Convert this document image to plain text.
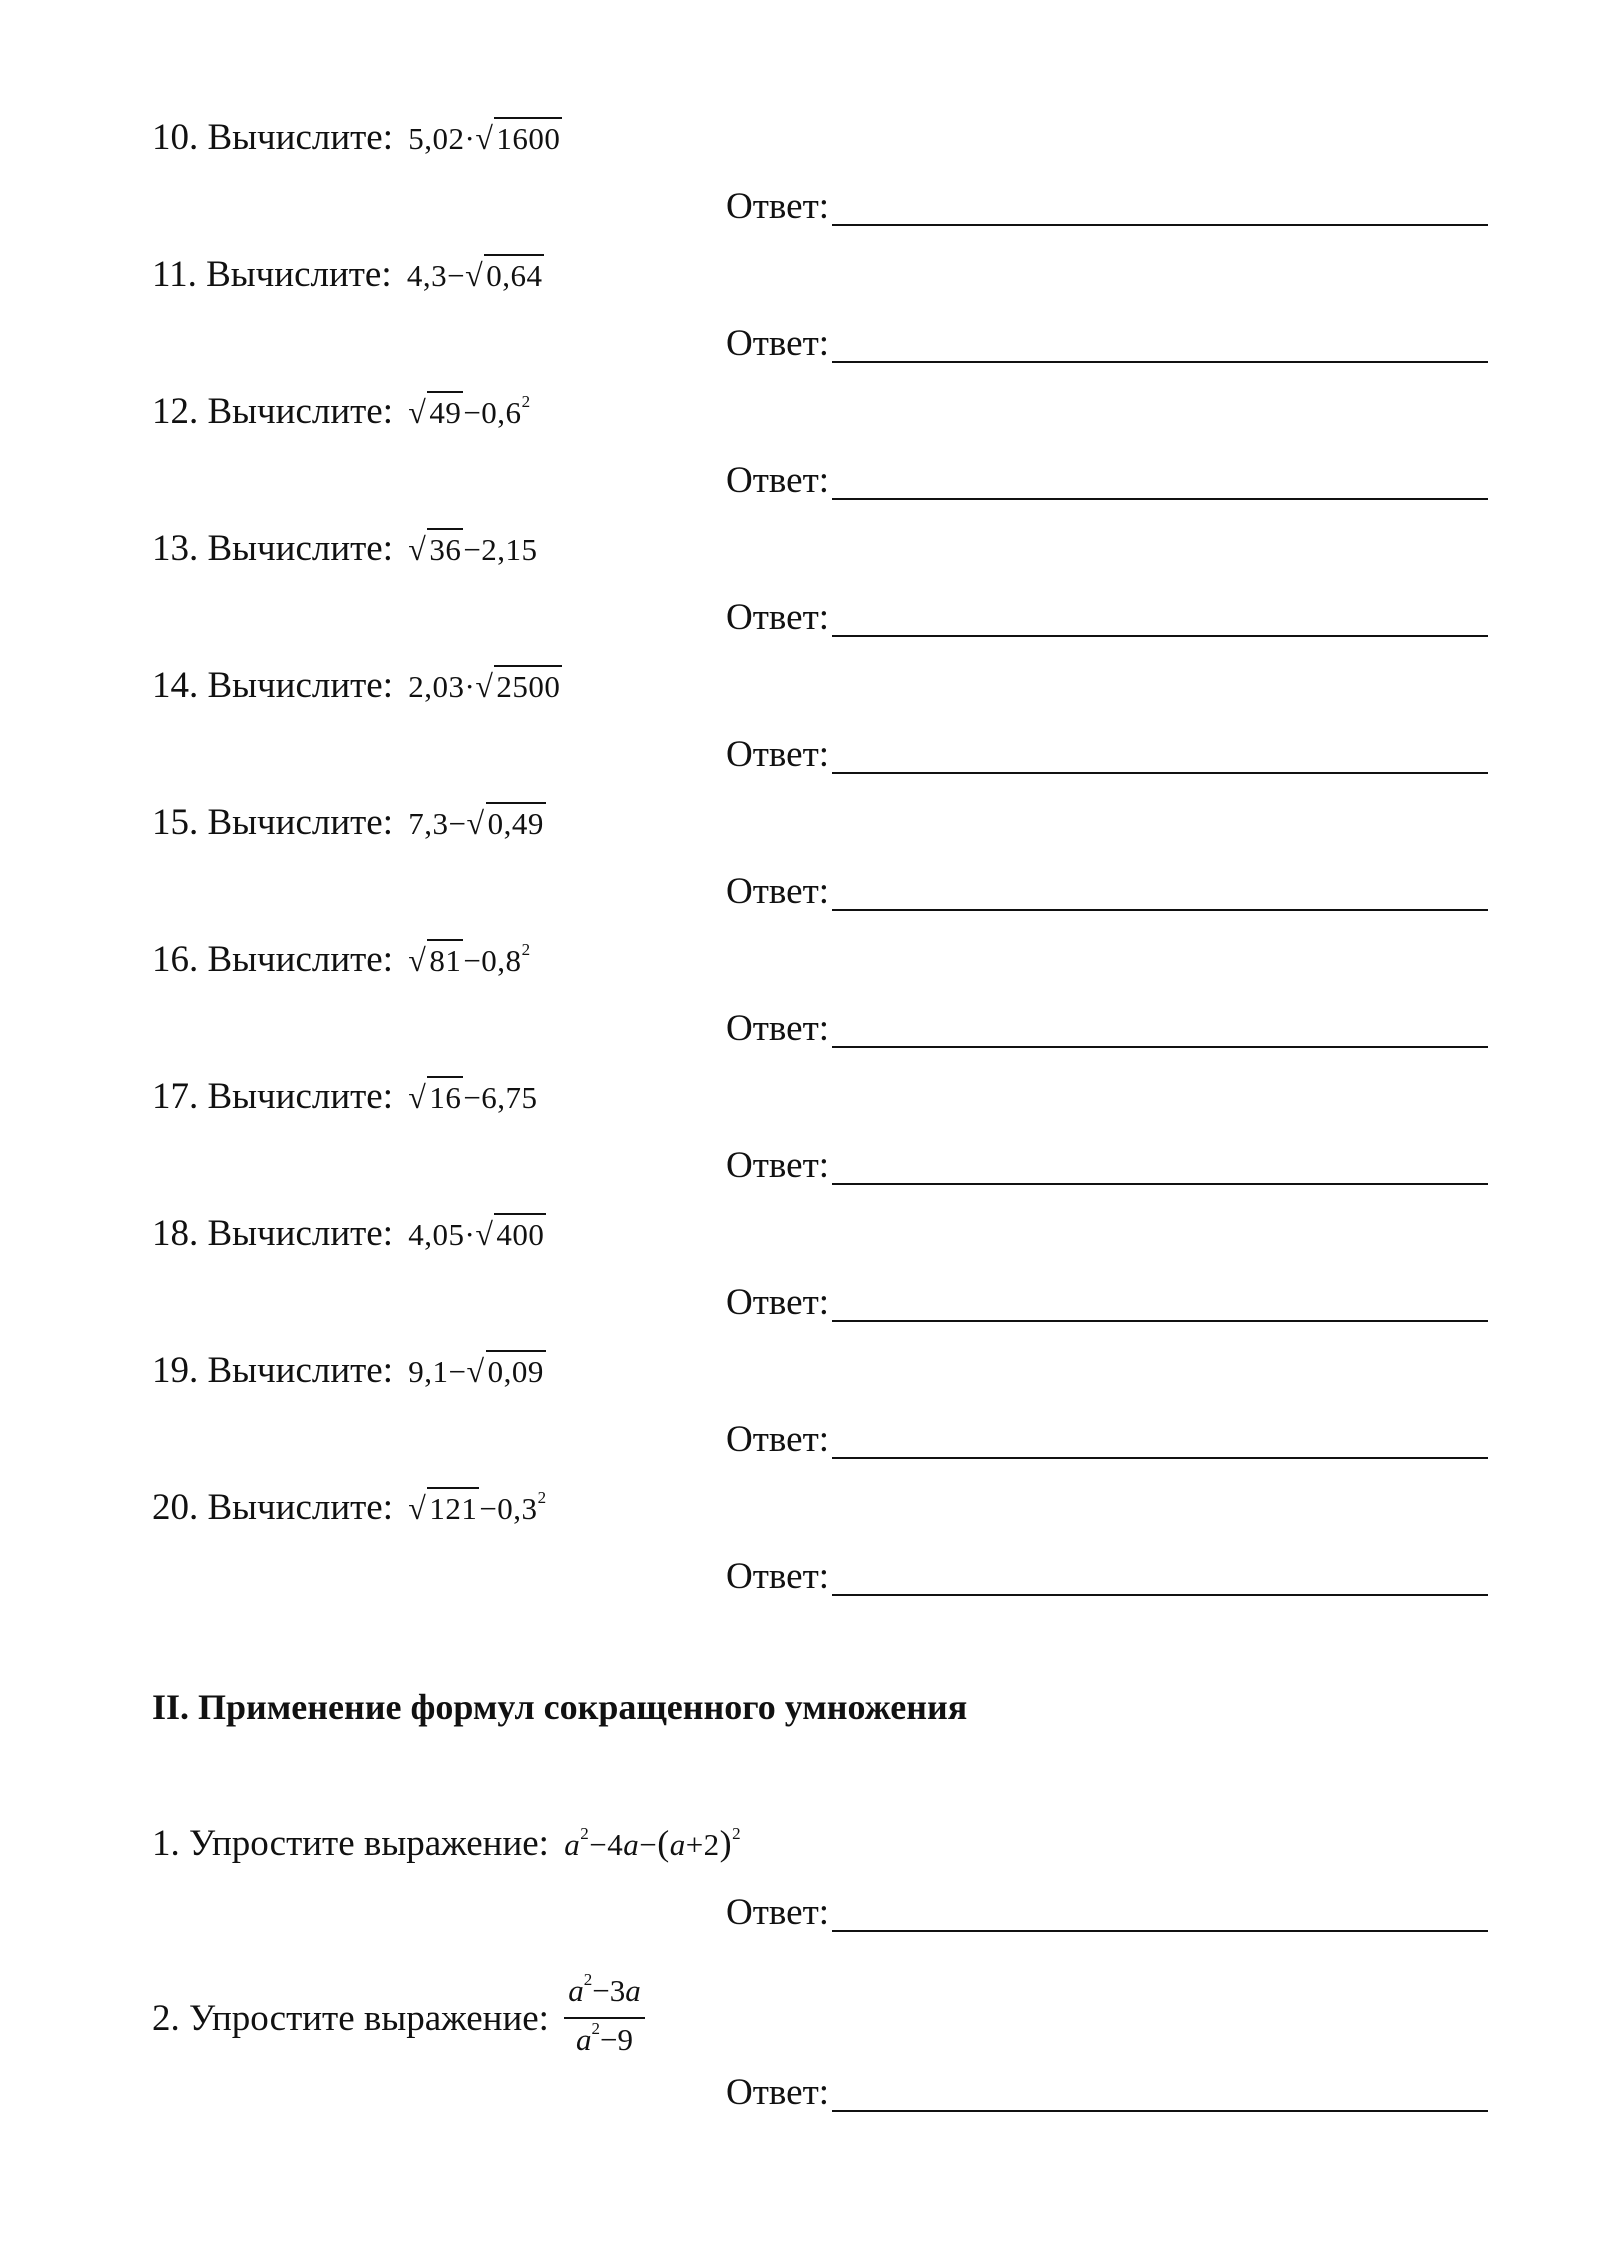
10. Вычислите: 5,02·√1600
Ответ:
11. Вычислите: 4,3−√0,64
Ответ:
12. Вычислите: $√49-0,6^2$
Ответ:
13. Вычислите: √36−2,15
Ответ:
14. Вычислите: 2,03·√2500
Ответ:
15. Вычислите: 7,3−√0,49
Ответ:
16. Вычислите: $√81-0,8^2$
Ответ:
17. Вычислите: √16−6,75
Ответ:
18. Вычислите: 4,05·√400
Ответ:
19. Вычислите: 9,1−√0,09
Ответ:
20. Вычислите: $√121-0,3^2$
Ответ:
II. Применение формул сокращенного умножения
1. Упростите выражение: $a^2-4a-(a+2)^2$
Ответ:
2. Упростите выражение: $\frac{a^2-3a}{a^2-9}$
Ответ:
